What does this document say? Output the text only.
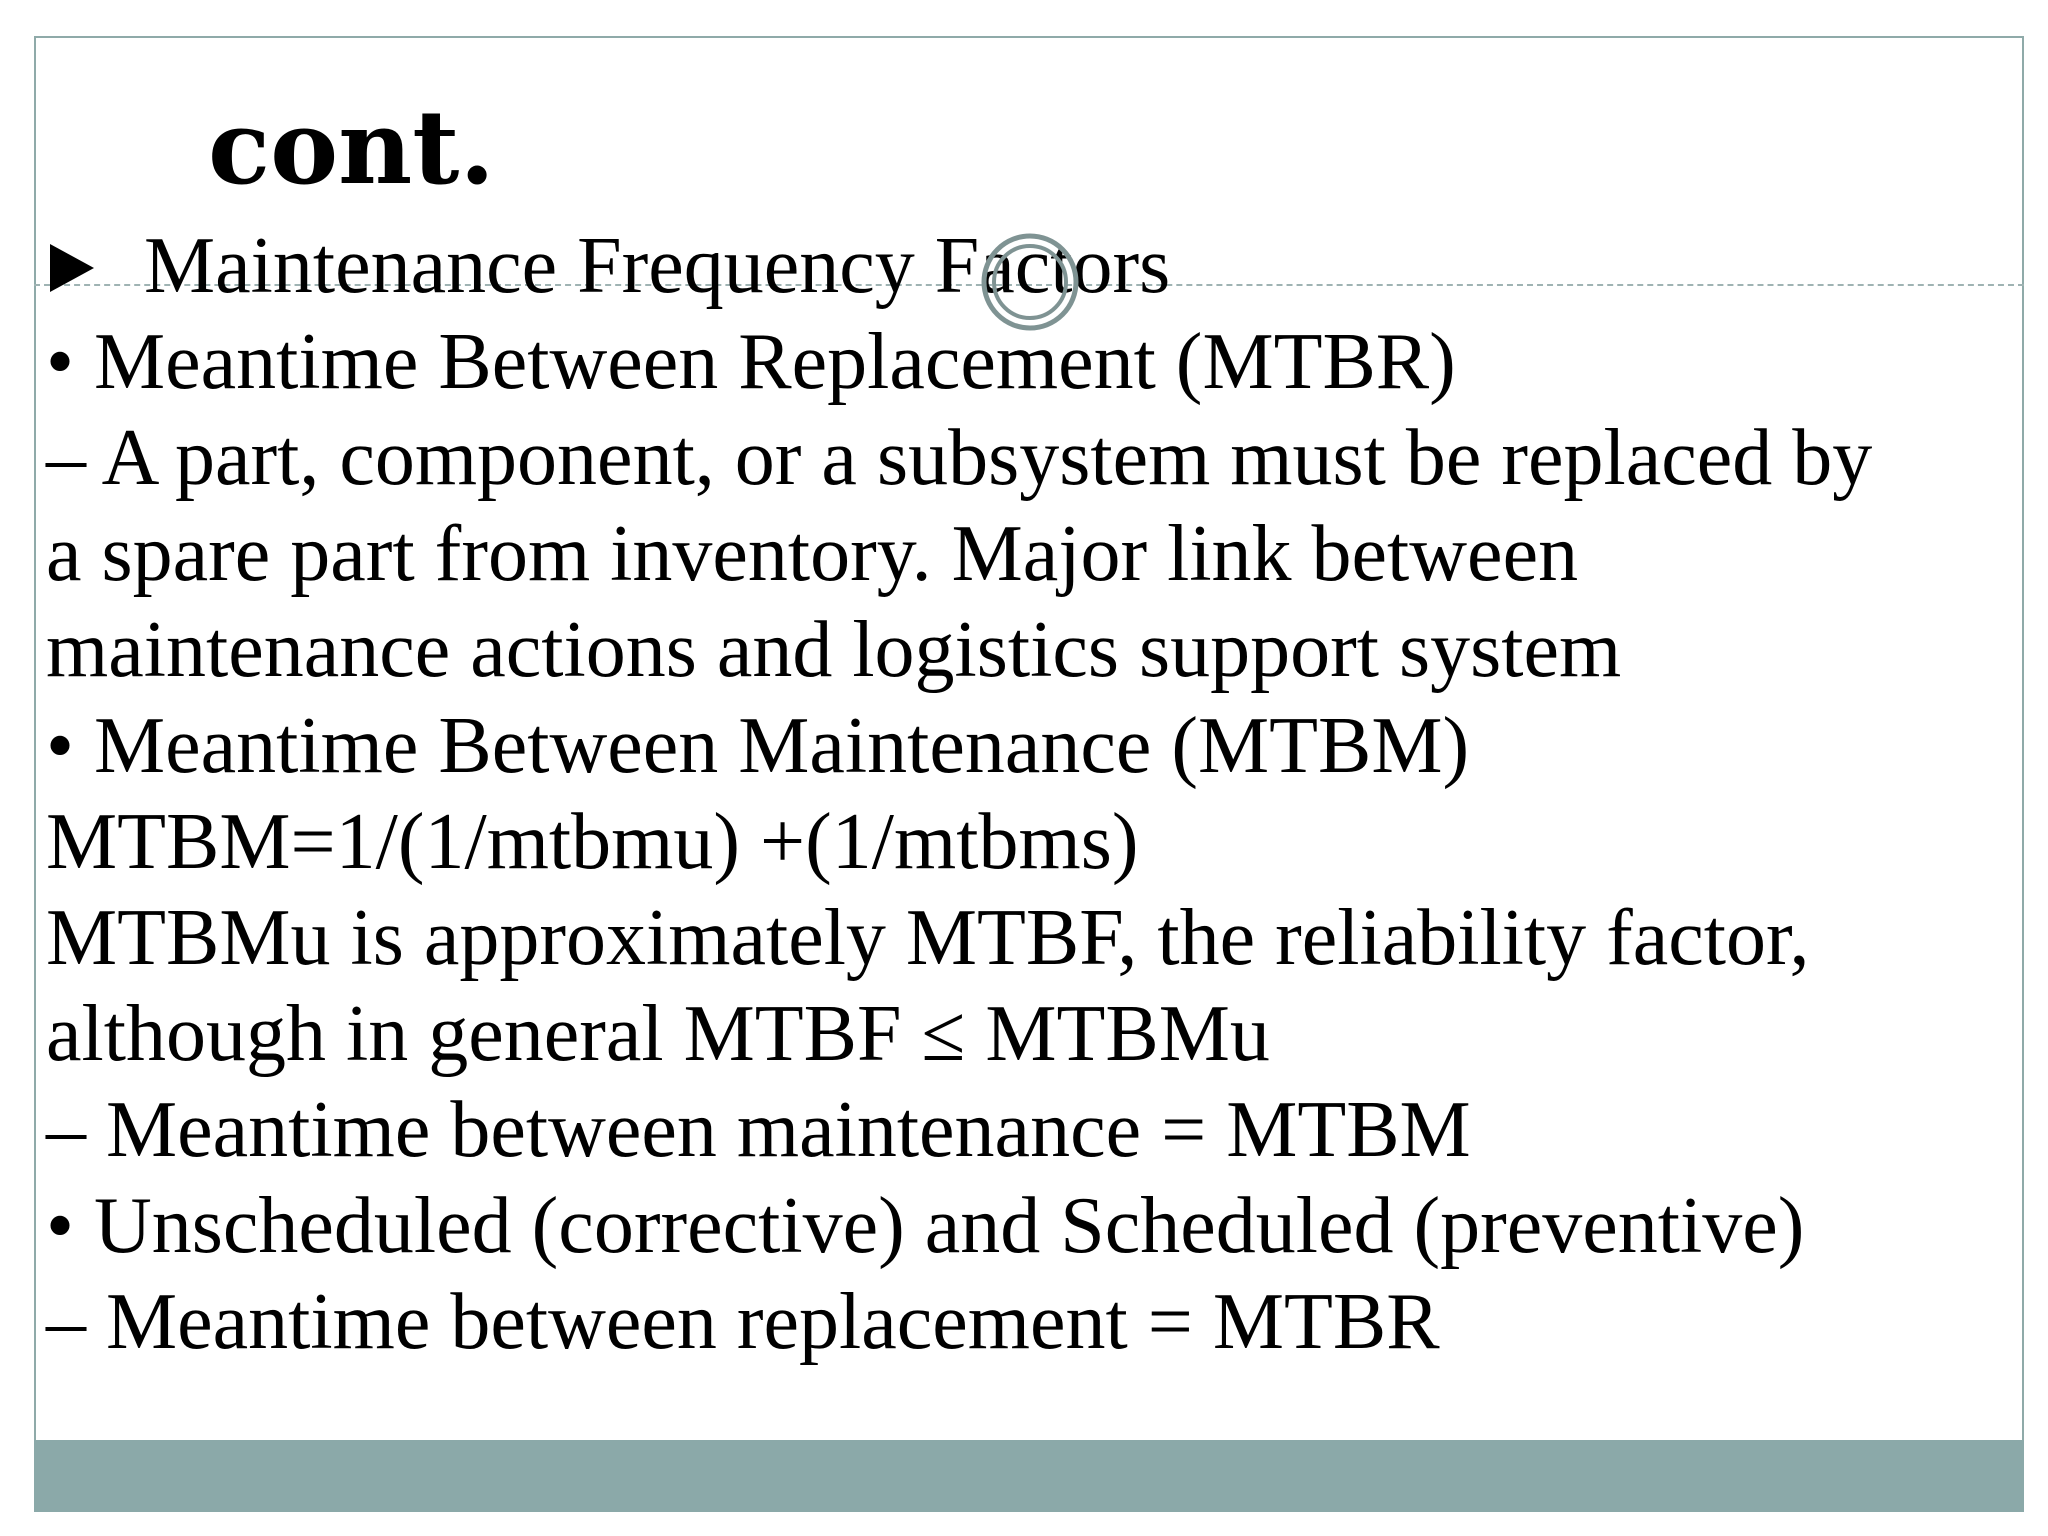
cont.
Maintenance Frequency Factors
• Meantime Between Replacement (MTBR)
– A part, component, or a subsystem must be replaced by
a spare part from inventory. Major link between
maintenance actions and logistics support system
• Meantime Between Maintenance (MTBM)
MTBM=1/(1/mtbmu) +(1/mtbms)
MTBMu is approximately MTBF, the reliability factor,
although in general MTBF ≤ MTBMu
– Meantime between maintenance = MTBM
• Unscheduled (corrective) and Scheduled (preventive)
– Meantime between replacement = MTBR
